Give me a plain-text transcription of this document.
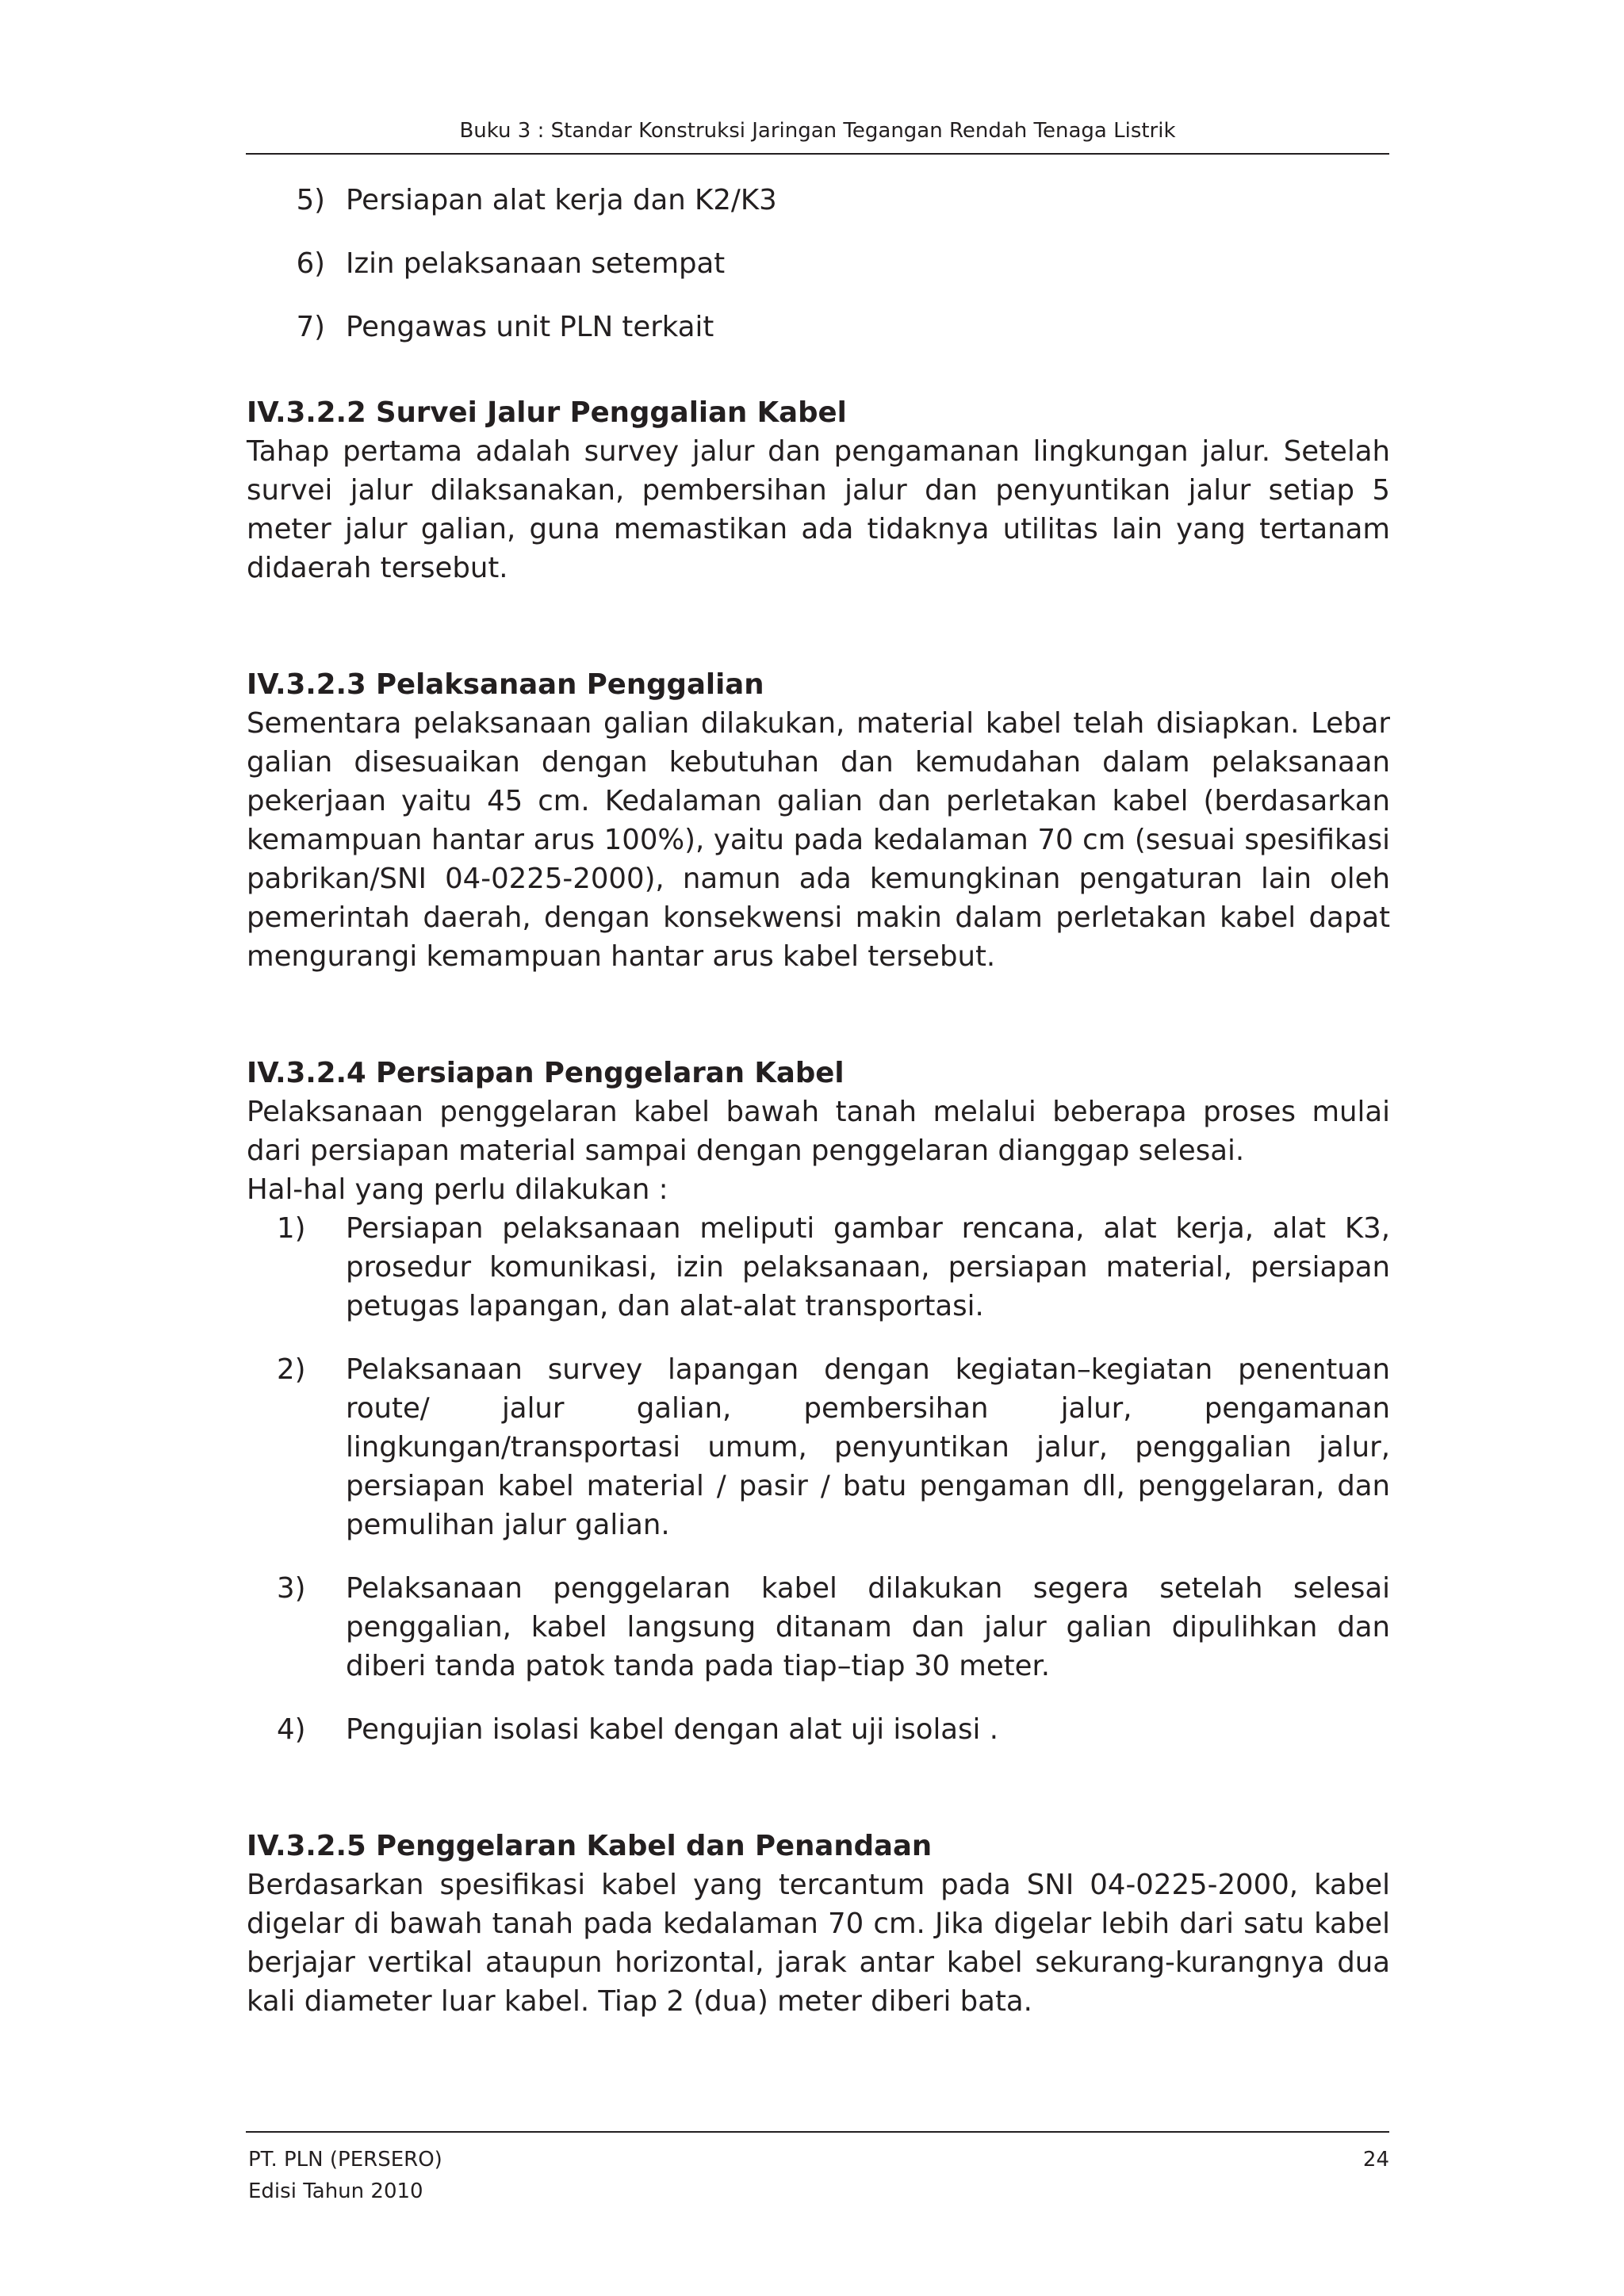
Buku 3 : Standar Konstruksi Jaringan Tegangan Rendah Tenaga Listrik
5) Persiapan alat kerja dan K2/K3
6) Izin pelaksanaan setempat
7) Pengawas unit PLN terkait
IV.3.2.2 Survei Jalur Penggalian Kabel

Tahap pertama adalah survey jalur dan pengamanan lingkungan jalur. Setelah survei jalur dilaksanakan, pembersihan jalur dan penyuntikan jalur setiap 5 meter jalur galian, guna memastikan ada tidaknya utilitas lain yang tertanam didaerah tersebut.

IV.3.2.3 Pelaksanaan Penggalian

Sementara pelaksanaan galian dilakukan, material kabel telah disiapkan. Lebar galian disesuaikan dengan kebutuhan dan kemudahan dalam pelaksanaan pekerjaan yaitu 45 cm. Kedalaman galian dan perletakan kabel (berdasarkan kemampuan hantar arus 100%), yaitu pada kedalaman 70 cm (sesuai spesifikasi pabrikan/SNI 04-0225-2000), namun ada kemungkinan pengaturan lain oleh pemerintah daerah, dengan konsekwensi makin dalam perletakan kabel dapat mengurangi kemampuan hantar arus kabel tersebut.

IV.3.2.4 Persiapan Penggelaran Kabel

Pelaksanaan penggelaran kabel bawah tanah melalui beberapa proses mulai dari persiapan material sampai dengan penggelaran dianggap selesai.

Hal-hal yang perlu dilakukan :

1)	Persiapan pelaksanaan meliputi gambar rencana, alat kerja, alat K3, prosedur komunikasi, izin pelaksanaan, persiapan material, persiapan petugas lapangan, dan alat-alat transportasi.
2)	Pelaksanaan survey lapangan dengan kegiatan–kegiatan penentuan route/ jalur galian, pembersihan jalur, pengamanan lingkungan/transportasi umum, penyuntikan jalur, penggalian jalur, persiapan kabel material / pasir / batu pengaman dll, penggelaran, dan pemulihan jalur galian.
3)	Pelaksanaan penggelaran kabel dilakukan segera setelah selesai penggalian, kabel langsung ditanam dan jalur galian dipulihkan dan diberi tanda patok tanda pada tiap–tiap 30 meter.
4)	Pengujian isolasi kabel dengan alat uji isolasi .
IV.3.2.5 Penggelaran Kabel dan Penandaan

Berdasarkan spesifikasi kabel yang tercantum pada SNI 04-0225-2000, kabel digelar di bawah tanah pada kedalaman 70 cm. Jika digelar lebih dari satu kabel berjajar vertikal ataupun horizontal, jarak antar kabel sekurang-kurangnya dua kali diameter luar kabel. Tiap 2 (dua) meter diberi bata.

PT. PLN (PERSERO)
Edisi Tahun 2010
24
